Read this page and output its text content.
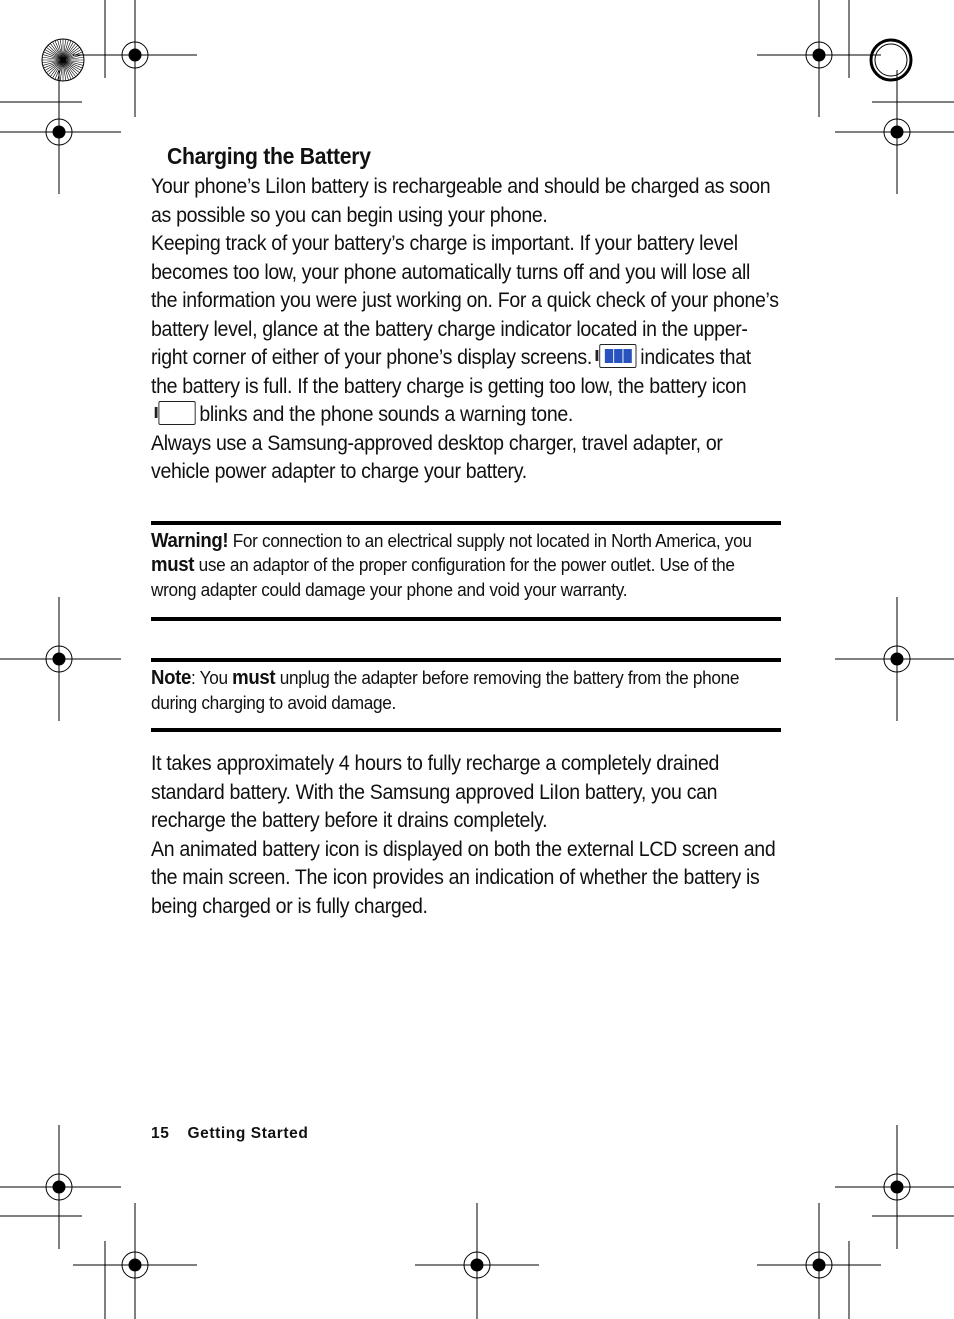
Charging the Battery

Your phone’s LiIon battery is rechargeable and should be charged as soon as possible so you can begin using your phone.

Keeping track of your battery’s charge is important. If your battery level becomes too low, your phone automatically turns off and you will lose all the information you were just working on. For a quick check of your phone’s battery level, glance at the battery charge indicator located in the upper-right corner of either of your phone’s display screens. indicates that the battery is full. If the battery charge is getting too low, the battery icon
blinks and the phone sounds a warning tone.

Always use a Samsung-approved desktop charger, travel adapter, or vehicle power adapter to charge your battery.

Warning! For connection to an electrical supply not located in North America, you must use an adaptor of the proper configuration for the power outlet. Use of the wrong adapter could damage your phone and void your warranty.

Note: You must unplug the adapter before removing the battery from the phone during charging to avoid damage.

It takes approximately 4 hours to fully recharge a completely drained standard battery. With the Samsung approved LiIon battery, you can recharge the battery before it drains completely.

An animated battery icon is displayed on both the external LCD screen and the main screen. The icon provides an indication of whether the battery is being charged or is fully charged.

15 Getting Started
